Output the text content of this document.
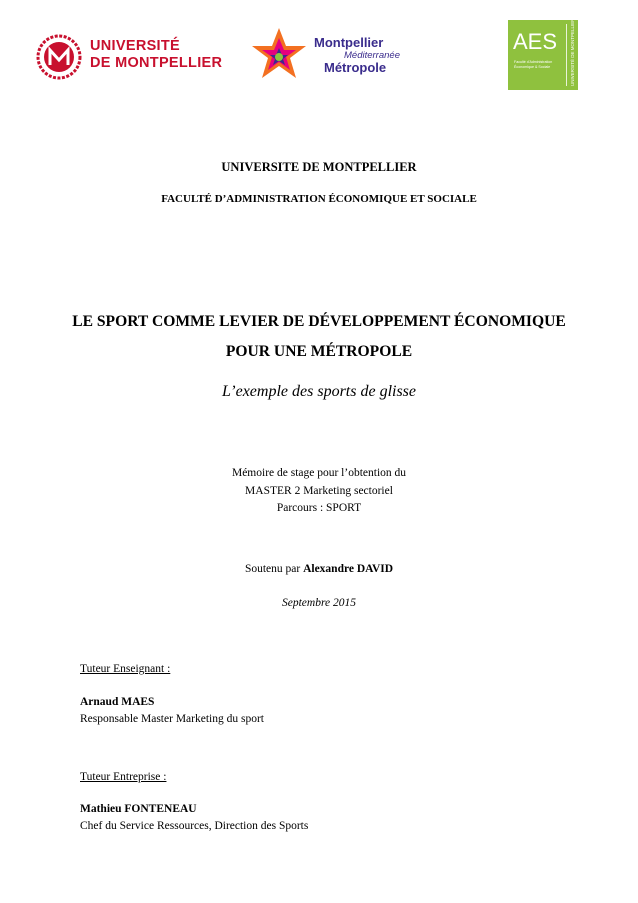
UNIVERSITÉ
DE MONTPELLIER
Montpellier
Méditerranée
Métropole
AES
Faculté d'Administration Économique & Sociale	UNIVERSITÉ DE MONTPELLIER
UNIVERSITE DE MONTPELLIER
FACULTÉ D’ADMINISTRATION ÉCONOMIQUE ET SOCIALE
LE SPORT COMME LEVIER DE DÉVELOPPEMENT ÉCONOMIQUE
POUR UNE MÉTROPOLE
L’exemple des sports de glisse
Mémoire de stage pour l’obtention du
MASTER 2 Marketing sectoriel
Parcours : SPORT
Soutenu par Alexandre DAVID
Septembre 2015
Tuteur Enseignant :
Arnaud MAES
Responsable Master Marketing du sport
Tuteur Entreprise :
Mathieu FONTENEAU
Chef du Service Ressources, Direction des Sports
